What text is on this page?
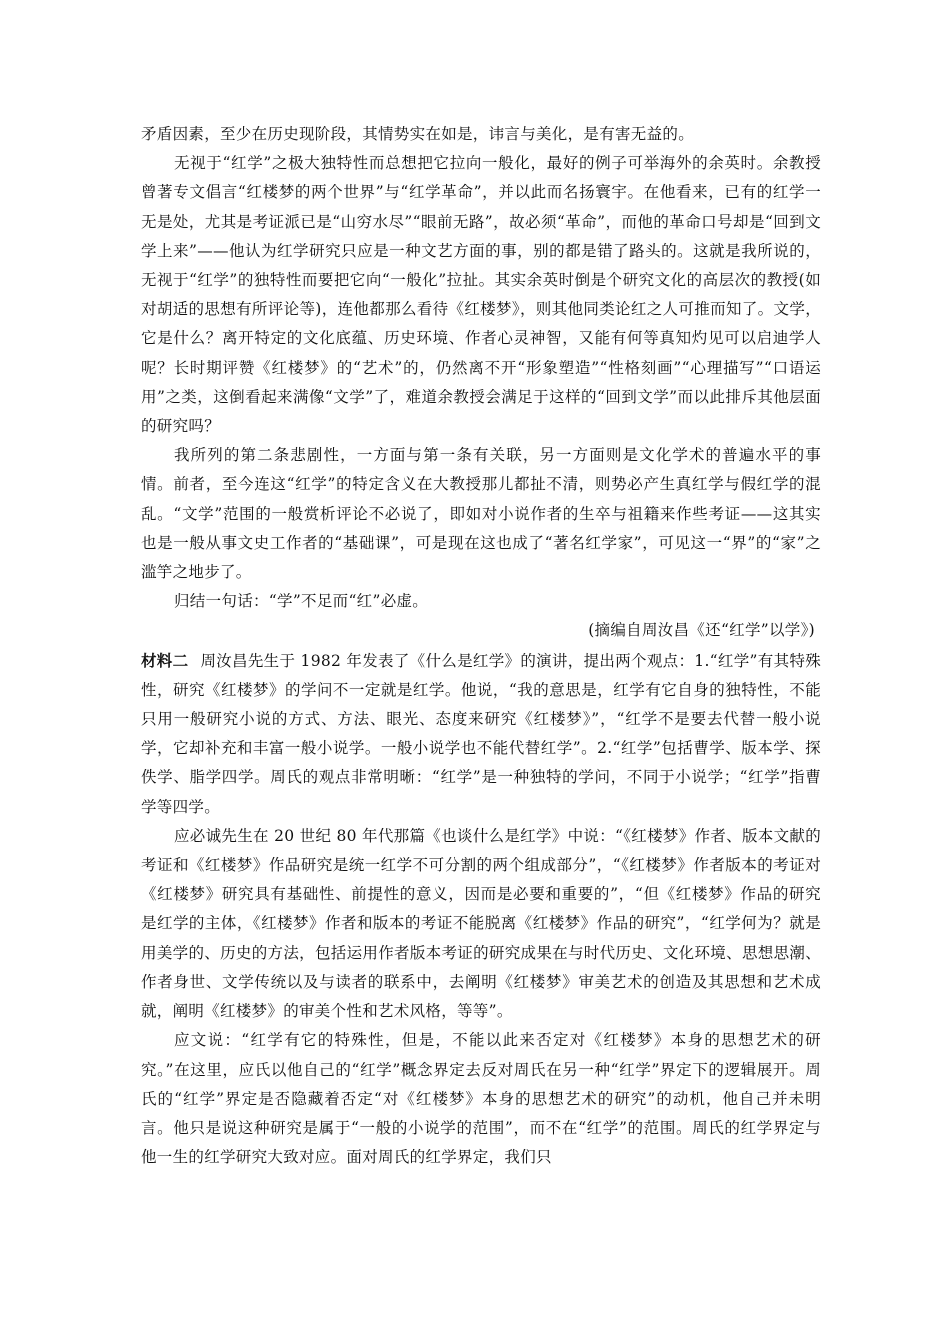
矛盾因素，至少在历史现阶段，其情势实在如是，讳言与美化，是有害无益的。

无视于“红学”之极大独特性而总想把它拉向一般化，最好的例子可举海外的余英时。余教授曾著专文倡言“红楼梦的两个世界”与“红学革命”，并以此而名扬寰宇。在他看来，已有的红学一无是处，尤其是考证派已是“山穷水尽”“眼前无路”，故必须“革命”，而他的革命口号却是“回到文学上来”——他认为红学研究只应是一种文艺方面的事，别的都是错了路头的。这就是我所说的，无视于“红学”的独特性而要把它向“一般化”拉扯。其实余英时倒是个研究文化的高层次的教授(如对胡适的思想有所评论等)，连他都那么看待《红楼梦》，则其他同类论红之人可推而知了。文学，它是什么？离开特定的文化底蕴、历史环境、作者心灵神智，又能有何等真知灼见可以启迪学人呢？长时期评赞《红楼梦》的“艺术”的，仍然离不开“形象塑造”“性格刻画”“心理描写”“口语运用”之类，这倒看起来满像“文学”了，难道余教授会满足于这样的“回到文学”而以此排斥其他层面的研究吗？

我所列的第二条悲剧性，一方面与第一条有关联，另一方面则是文化学术的普遍水平的事情。前者，至今连这“红学”的特定含义在大教授那儿都扯不清，则势必产生真红学与假红学的混乱。“文学”范围的一般赏析评论不必说了，即如对小说作者的生卒与祖籍来作些考证——这其实也是一般从事文史工作者的“基础课”，可是现在这也成了“著名红学家”，可见这一“界”的“家”之滥竽之地步了。

归结一句话：“学”不足而“红”必虚。

(摘编自周汝昌《还“红学”以学》)

材料二 周汝昌先生于 1982 年发表了《什么是红学》的演讲，提出两个观点：1.“红学”有其特殊性，研究《红楼梦》的学问不一定就是红学。他说，“我的意思是，红学有它自身的独特性，不能只用一般研究小说的方式、方法、眼光、态度来研究《红楼梦》”，“红学不是要去代替一般小说学，它却补充和丰富一般小说学。一般小说学也不能代替红学”。2.“红学”包括曹学、版本学、探佚学、脂学四学。周氏的观点非常明晰：“红学”是一种独特的学问，不同于小说学；“红学”指曹学等四学。

应必诚先生在 20 世纪 80 年代那篇《也谈什么是红学》中说：“《红楼梦》作者、版本文献的考证和《红楼梦》作品研究是统一红学不可分割的两个组成部分”，“《红楼梦》作者版本的考证对《红楼梦》研究具有基础性、前提性的意义，因而是必要和重要的”，“但《红楼梦》作品的研究是红学的主体，《红楼梦》作者和版本的考证不能脱离《红楼梦》作品的研究”，“红学何为？就是用美学的、历史的方法，包括运用作者版本考证的研究成果在与时代历史、文化环境、思想思潮、作者身世、文学传统以及与读者的联系中，去阐明《红楼梦》审美艺术的创造及其思想和艺术成就，阐明《红楼梦》的审美个性和艺术风格，等等”。

应文说：“红学有它的特殊性，但是，不能以此来否定对《红楼梦》本身的思想艺术的研究。”在这里，应氏以他自己的“红学”概念界定去反对周氏在另一种“红学”界定下的逻辑展开。周氏的“红学”界定是否隐藏着否定“对《红楼梦》本身的思想艺术的研究”的动机，他自己并未明言。他只是说这种研究是属于“一般的小说学的范围”，而不在“红学”的范围。周氏的红学界定与他一生的红学研究大致对应。面对周氏的红学界定，我们只
